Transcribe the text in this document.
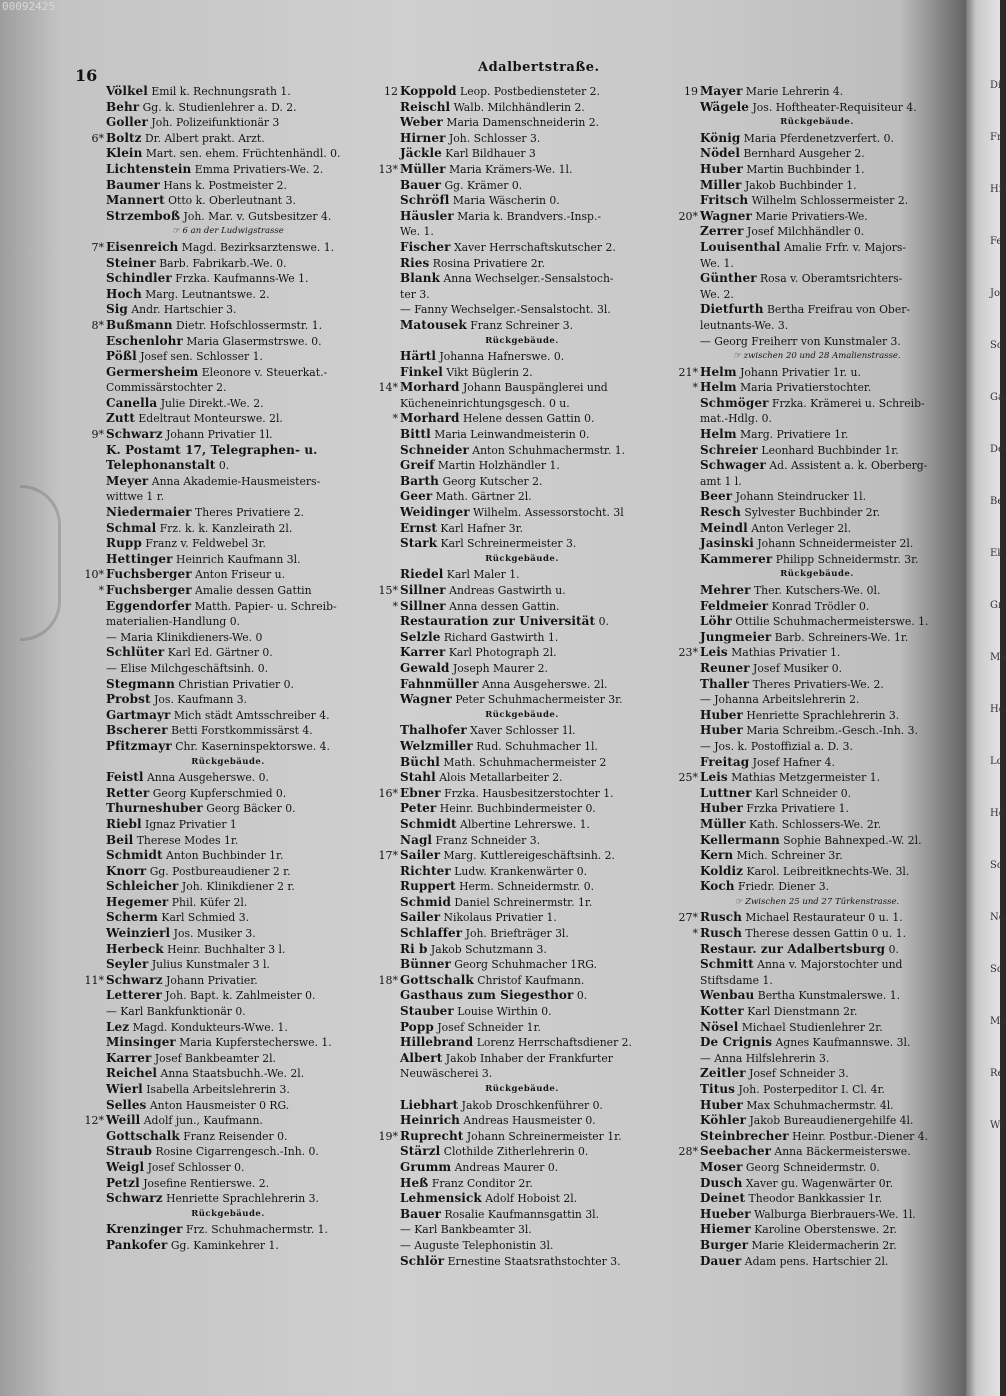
00092425
16	Adalbertstraße.
Völkel Emil k. Rechnungsrath 1.
Behr Gg. k. Studienlehrer a. D. 2.
Goller Joh. Polizeifunktionär 3
6* Boltz Dr. Albert prakt. Arzt.
Klein Mart. sen. ehem. Früchtenhändl. 0.
Lichtenstein Emma Privatiers-We. 2.
Baumer Hans k. Postmeister 2.
Mannert Otto k. Oberleutnant 3.
Strzemboß Joh. Mar. v. Gutsbesitzer 4.
☞ 6 an der Ludwigstrasse
7* Eisenreich Magd. Bezirksarztenswe. 1.
Steiner Barb. Fabrikarb.-We. 0.
Schindler Frzka. Kaufmanns-We 1.
Hoch Marg. Leutnantswe. 2.
Sig Andr. Hartschier 3.
8* Bußmann Dietr. Hofschlossermstr. 1.
Eschenlohr Maria Glasermstrswe. 0.
Pößl Josef sen. Schlosser 1.
Germersheim Eleonore v. Steuerkat.-
Commissärstochter 2.
Canella Julie Direkt.-We. 2.
Zutt Edeltraut Monteurswe. 2l.
9* Schwarz Johann Privatier 1l.
K. Postamt 17, Telegraphen- u.
Telephonanstalt 0.
Meyer Anna Akademie-Hausmeisters-
wittwe 1 r.
Niedermaier Theres Privatiere 2.
Schmal Frz. k. k. Kanzleirath 2l.
Rupp Franz v. Feldwebel 3r.
Hettinger Heinrich Kaufmann 3l.
10* Fuchsberger Anton Friseur u.
* Fuchsberger Amalie dessen Gattin
Eggendorfer Matth. Papier- u. Schreib-
materialien-Handlung 0.
— Maria Klinikdieners-We. 0
Schlüter Karl Ed. Gärtner 0.
— Elise Milchgeschäftsinh. 0.
Stegmann Christian Privatier 0.
Probst Jos. Kaufmann 3.
Gartmayr Mich städt Amtsschreiber 4.
Bscherer Betti Forstkommissärst 4.
Pfitzmayr Chr. Kaserninspektorswe. 4.
Rückgebäude.
Feistl Anna Ausgeherswe. 0.
Retter Georg Kupferschmied 0.
Thurneshuber Georg Bäcker 0.
Riebl Ignaz Privatier 1
Beil Therese Modes 1r.
Schmidt Anton Buchbinder 1r.
Knorr Gg. Postbureaudiener 2 r.
Schleicher Joh. Klinikdiener 2 r.
Hegemer Phil. Küfer 2l.
Scherm Karl Schmied 3.
Weinzierl Jos. Musiker 3.
Herbeck Heinr. Buchhalter 3 l.
Seyler Julius Kunstmaler 3 l.
11* Schwarz Johann Privatier.
Letterer Joh. Bapt. k. Zahlmeister 0.
— Karl Bankfunktionär 0.
Lez Magd. Kondukteurs-Wwe. 1.
Minsinger Maria Kupferstecherswe. 1.
Karrer Josef Bankbeamter 2l.
Reichel Anna Staatsbuchh.-We. 2l.
Wierl Isabella Arbeitslehrerin 3.
Selles Anton Hausmeister 0 RG.
12* Weill Adolf jun., Kaufmann.
Gottschalk Franz Reisender 0.
Straub Rosine Cigarrengesch.-Inh. 0.
Weigl Josef Schlosser 0.
Petzl Josefine Rentierswe. 2.
Schwarz Henriette Sprachlehrerin 3.
Rückgebäude.
Krenzinger Frz. Schuhmachermstr. 1.
Pankofer Gg. Kaminkehrer 1.
12 Koppold Leop. Postbediensteter 2.
Reischl Walb. Milchhändlerin 2.
Weber Maria Damenschneiderin 2.
Hirner Joh. Schlosser 3.
Jäckle Karl Bildhauer 3
13* Müller Maria Krämers-We. 1l.
Bauer Gg. Krämer 0.
Schröfl Maria Wäscherin 0.
Häusler Maria k. Brandvers.-Insp.-
We. 1.
Fischer Xaver Herrschaftskutscher 2.
Ries Rosina Privatiere 2r.
Blank Anna Wechselger.-Sensalstoch-
ter 3.
— Fanny Wechselger.-Sensalstocht. 3l.
Matousek Franz Schreiner 3.
Rückgebäude.
Härtl Johanna Hafnerswe. 0.
Finkel Vikt Büglerin 2.
14* Morhard Johann Bauspänglerei und
Kücheneinrichtungsgesch. 0 u.
* Morhard Helene dessen Gattin 0.
Bittl Maria Leinwandmeisterin 0.
Schneider Anton Schuhmachermstr. 1.
Greif Martin Holzhändler 1.
Barth Georg Kutscher 2.
Geer Math. Gärtner 2l.
Weidinger Wilhelm. Assessorstocht. 3l
Ernst Karl Hafner 3r.
Stark Karl Schreinermeister 3.
Rückgebäude.
Riedel Karl Maler 1.
15* Sillner Andreas Gastwirth u.
* Sillner Anna dessen Gattin.
Restauration zur Universität 0.
Selzle Richard Gastwirth 1.
Karrer Karl Photograph 2l.
Gewald Joseph Maurer 2.
Fahnmüller Anna Ausgeherswe. 2l.
Wagner Peter Schuhmachermeister 3r.
Rückgebäude.
Thalhofer Xaver Schlosser 1l.
Welzmiller Rud. Schuhmacher 1l.
Büchl Math. Schuhmachermeister 2
Stahl Alois Metallarbeiter 2.
16* Ebner Frzka. Hausbesitzerstochter 1.
Peter Heinr. Buchbindermeister 0.
Schmidt Albertine Lehrerswe. 1.
Nagl Franz Schneider 3.
17* Sailer Marg. Kuttlereigeschäftsinh. 2.
Richter Ludw. Krankenwärter 0.
Ruppert Herm. Schneidermstr. 0.
Schmid Daniel Schreinermstr. 1r.
Sailer Nikolaus Privatier 1.
Schlaffer Joh. Briefträger 3l.
Ri b Jakob Schutzmann 3.
Bünner Georg Schuhmacher 1RG.
18* Gottschalk Christof Kaufmann.
Gasthaus zum Siegesthor 0.
Stauber Louise Wirthin 0.
Popp Josef Schneider 1r.
Hillebrand Lorenz Herrschaftsdiener 2.
Albert Jakob Inhaber der Frankfurter
Neuwäscherei 3.
Rückgebäude.
Liebhart Jakob Droschkenführer 0.
Heinrich Andreas Hausmeister 0.
19* Ruprecht Johann Schreinermeister 1r.
Stärzl Clothilde Zitherlehrerin 0.
Grumm Andreas Maurer 0.
Heß Franz Conditor 2r.
Lehmensick Adolf Hoboist 2l.
Bauer Rosalie Kaufmannsgattin 3l.
— Karl Bankbeamter 3l.
— Auguste Telephonistin 3l.
Schlör Ernestine Staatsrathstochter 3.
19 Mayer Marie Lehrerin 4.
Wägele Jos. Hoftheater-Requisiteur 4.
Rückgebäude.
König Maria Pferdenetzverfert. 0.
Nödel Bernhard Ausgeher 2.
Huber Martin Buchbinder 1.
Miller Jakob Buchbinder 1.
Fritsch Wilhelm Schlossermeister 2.
20* Wagner Marie Privatiers-We.
Zerrer Josef Milchhändler 0.
Louisenthal Amalie Frfr. v. Majors-
We. 1.
Günther Rosa v. Oberamtsrichters-
We. 2.
Dietfurth Bertha Freifrau von Ober-
leutnants-We. 3.
— Georg Freiherr von Kunstmaler 3.
☞ zwischen 20 und 28 Amalienstrasse.
21* Helm Johann Privatier 1r. u.
* Helm Maria Privatierstochter.
Schmöger Frzka. Krämerei u. Schreib-
mat.-Hdlg. 0.
Helm Marg. Privatiere 1r.
Schreier Leonhard Buchbinder 1r.
Schwager Ad. Assistent a. k. Oberberg-
amt 1 l.
Beer Johann Steindrucker 1l.
Resch Sylvester Buchbinder 2r.
Meindl Anton Verleger 2l.
Jasinski Johann Schneidermeister 2l.
Kammerer Philipp Schneidermstr. 3r.
Rückgebäude.
Mehrer Ther. Kutschers-We. 0l.
Feldmeier Konrad Trödler 0.
Löhr Ottilie Schuhmachermeisterswe. 1.
Jungmeier Barb. Schreiners-We. 1r.
23* Leis Mathias Privatier 1.
Reuner Josef Musiker 0.
Thaller Theres Privatiers-We. 2.
— Johanna Arbeitslehrerin 2.
Huber Henriette Sprachlehrerin 3.
Huber Maria Schreibm.-Gesch.-Inh. 3.
— Jos. k. Postoffizial a. D. 3.
Freitag Josef Hafner 4.
25* Leis Mathias Metzgermeister 1.
Luttner Karl Schneider 0.
Huber Frzka Privatiere 1.
Müller Kath. Schlossers-We. 2r.
Kellermann Sophie Bahnexped.-W. 2l.
Kern Mich. Schreiner 3r.
Koldiz Karol. Leibreitknechts-We. 3l.
Koch Friedr. Diener 3.
☞ Zwischen 25 und 27 Türkenstrasse.
27* Rusch Michael Restaurateur 0 u. 1.
* Rusch Therese dessen Gattin 0 u. 1.
Restaur. zur Adalbertsburg 0.
Schmitt Anna v. Majorstochter und
Stiftsdame 1.
Wenbau Bertha Kunstmalerswe. 1.
Kotter Karl Dienstmann 2r.
Nösel Michael Studienlehrer 2r.
De Crignis Agnes Kaufmannswe. 3l.
— Anna Hilfslehrerin 3.
Zeitler Josef Schneider 3.
Titus Joh. Posterpeditor I. Cl. 4r.
Huber Max Schuhmachermstr. 4l.
Köhler Jakob Bureaudienergehilfe 4l.
Steinbrecher Heinr. Postbur.-Diener 4.
28* Seebacher Anna Bäckermeisterswe.
Moser Georg Schneidermstr. 0.
Dusch Xaver gu. Wagenwärter 0r.
Deinet Theodor Bankkassier 1r.
Hueber Walburga Bierbrauers-We. 1l.
Hiemer Karoline Oberstenswe. 2r.
Burger Marie Kleidermacherin 2r.
Dauer Adam pens. Hartschier 2l.
Di
Fr
Hi
Fe
Jo
Sc
Ga
De
Be
Ek
Gr
Ma
Ho
Lo
He
Sc
No
Sc
Ma
Re
Wi
